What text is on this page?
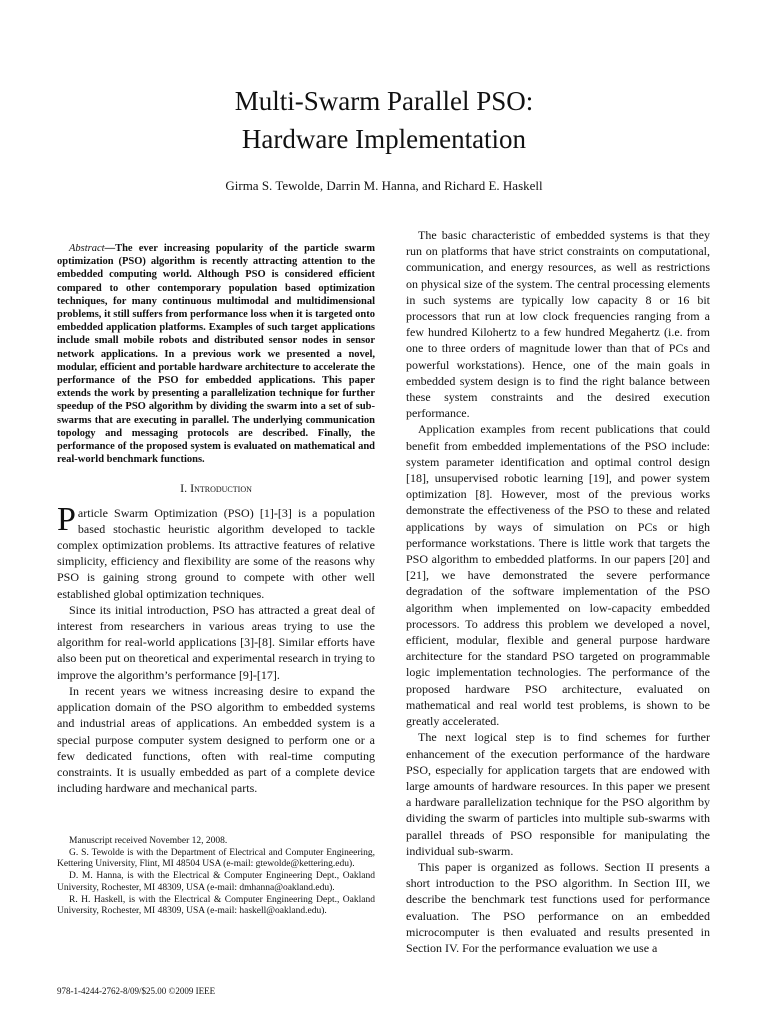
Multi-Swarm Parallel PSO:
Hardware Implementation
Girma S. Tewolde, Darrin M. Hanna, and Richard E. Haskell

Abstract—The ever increasing popularity of the particle swarm optimization (PSO) algorithm is recently attracting attention to the embedded computing world. Although PSO is considered efficient compared to other contemporary population based optimization techniques, for many continuous multimodal and multidimensional problems, it still suffers from performance loss when it is targeted onto embedded application platforms. Examples of such target applications include small mobile robots and distributed sensor nodes in sensor network applications. In a previous work we presented a novel, modular, efficient and portable hardware architecture to accelerate the performance of the PSO for embedded applications. This paper extends the work by presenting a parallelization technique for further speedup of the PSO algorithm by dividing the swarm into a set of sub-swarms that are executing in parallel. The underlying communication topology and messaging protocols are described. Finally, the performance of the proposed system is evaluated on mathematical and real-world benchmark functions.

I. Introduction

Particle Swarm Optimization (PSO) [1]-[3] is a population based stochastic heuristic algorithm developed to tackle complex optimization problems. Its attractive features of relative simplicity, efficiency and flexibility are some of the reasons why PSO is gaining strong ground to compete with other well established global optimization techniques.

Since its initial introduction, PSO has attracted a great deal of interest from researchers in various areas trying to use the algorithm for real-world applications [3]-[8]. Similar efforts have also been put on theoretical and experimental research in trying to improve the algorithm’s performance [9]-[17].

In recent years we witness increasing desire to expand the application domain of the PSO algorithm to embedded systems and industrial areas of applications. An embedded system is a special purpose computer system designed to perform one or a few dedicated functions, often with real-time computing constraints. It is usually embedded as part of a complete device including hardware and mechanical parts.

Manuscript received November 12, 2008.

G. S. Tewolde is with the Department of Electrical and Computer Engineering, Kettering University, Flint, MI 48504 USA (e-mail: gtewolde@kettering.edu).

D. M. Hanna, is with the Electrical & Computer Engineering Dept., Oakland University, Rochester, MI 48309, USA (e-mail: dmhanna@oakland.edu).

R. H. Haskell, is with the Electrical & Computer Engineering Dept., Oakland University, Rochester, MI 48309, USA (e-mail: haskell@oakland.edu).

The basic characteristic of embedded systems is that they run on platforms that have strict constraints on computational, communication, and energy resources, as well as restrictions on physical size of the system. The central processing elements in such systems are typically low capacity 8 or 16 bit processors that run at low clock frequencies ranging from a few hundred Kilohertz to a few hundred Megahertz (i.e. from one to three orders of magnitude lower than that of PCs and powerful workstations). Hence, one of the main goals in embedded system design is to find the right balance between these system constraints and the desired execution performance.

Application examples from recent publications that could benefit from embedded implementations of the PSO include: system parameter identification and optimal control design [18], unsupervised robotic learning [19], and power system optimization [8]. However, most of the previous works demonstrate the effectiveness of the PSO to these and related applications by ways of simulation on PCs or high performance workstations. There is little work that targets the PSO algorithm to embedded platforms. In our papers [20] and [21], we have demonstrated the severe performance degradation of the software implementation of the PSO algorithm when implemented on low-capacity embedded processors. To address this problem we developed a novel, efficient, modular, flexible and general purpose hardware architecture for the standard PSO targeted on programmable logic implementation technologies. The performance of the proposed hardware PSO architecture, evaluated on mathematical and real world test problems, is shown to be greatly accelerated.

The next logical step is to find schemes for further enhancement of the execution performance of the hardware PSO, especially for application targets that are endowed with large amounts of hardware resources. In this paper we present a hardware parallelization technique for the PSO algorithm by dividing the swarm of particles into multiple sub-swarms with parallel threads of PSO responsible for manipulating the individual sub-swarm.

This paper is organized as follows. Section II presents a short introduction to the PSO algorithm. In Section III, we describe the benchmark test functions used for performance evaluation. The PSO performance on an embedded microcomputer is then evaluated and results presented in Section IV. For the performance evaluation we use a

978-1-4244-2762-8/09/$25.00 ©2009 IEEE
